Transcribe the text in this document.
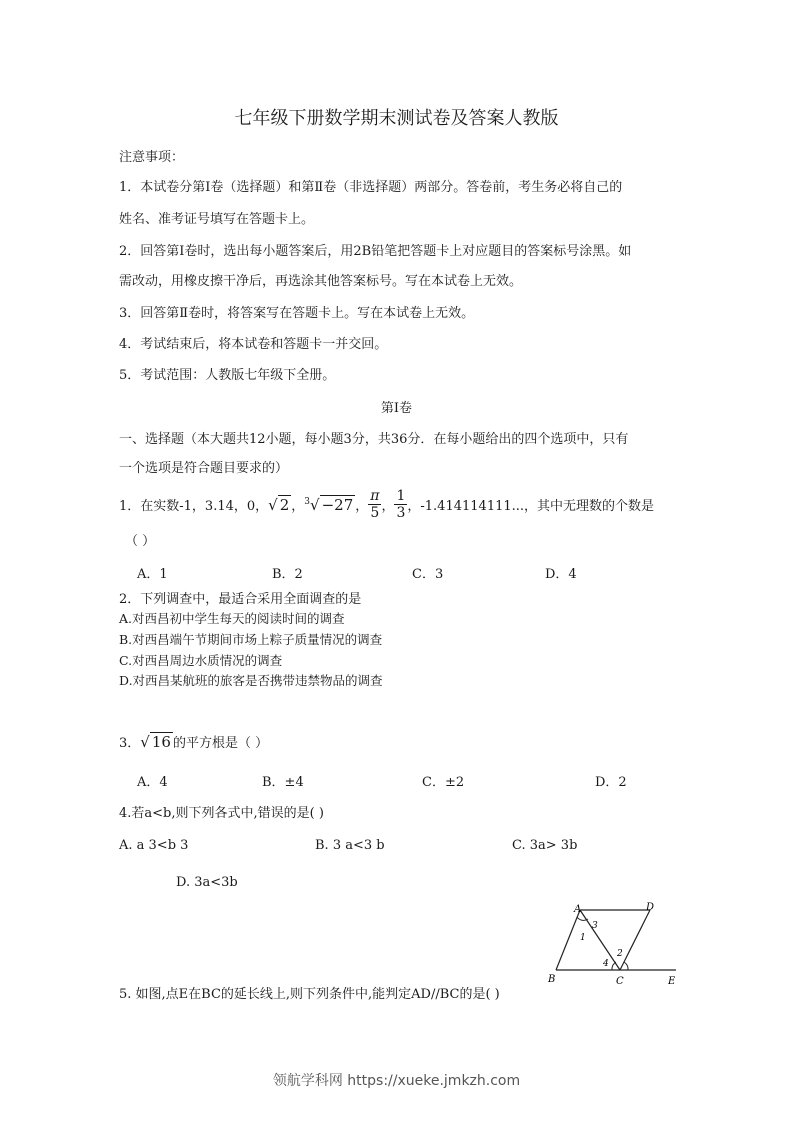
七年级下册数学期末测试卷及答案人教版
注意事项：
1．本试卷分第Ⅰ卷（选择题）和第Ⅱ卷（非选择题）两部分。答卷前，考生务必将自己的
姓名、准考证号填写在答题卡上。
2．回答第Ⅰ卷时，选出每小题答案后，用2B铅笔把答题卡上对应题目的答案标号涂黑。如
需改动，用橡皮擦干净后，再选涂其他答案标号。写在本试卷上无效。
3．回答第Ⅱ卷时，将答案写在答题卡上。写在本试卷上无效。
4．考试结束后，将本试卷和答题卡一并交回。
5．考试范围：人教版七年级下全册。
第Ⅰ卷
一、选择题（本大题共12小题，每小题3分，共36分．在每小题给出的四个选项中，只有
一个选项是符合题目要求的）
1．在实数-1，3.14，0， √ 2 ， $^3$√ −27 ， $\frac{\pi}{5}$ ， $\frac{1}{3}$ ，-1.414114111...，其中无理数的个数是
（ ）
A．1	B．2	C．3	D．4
2．下列调查中，最适合采用全面调查的是
A.对西昌初中学生每天的阅读时间的调查
B.对西昌端午节期间市场上粽子质量情况的调查
C.对西昌周边水质情况的调查
D.对西昌某航班的旅客是否携带违禁物品的调查
3． √ 16 的平方根是（ ）
A．4	B．±4	C．±2	D．2
4.若a<b,则下列各式中,错误的是( )
A. a 3<b 3	B. 3 a<3 b	C. 3a> 3b
D. 3a<3b
A	D
B	C	E
1
2
3
4
5. 如图,点E在BC的延长线上,则下列条件中,能判定AD//BC的是( )
领航学科网 https://xueke.jmkzh.com
